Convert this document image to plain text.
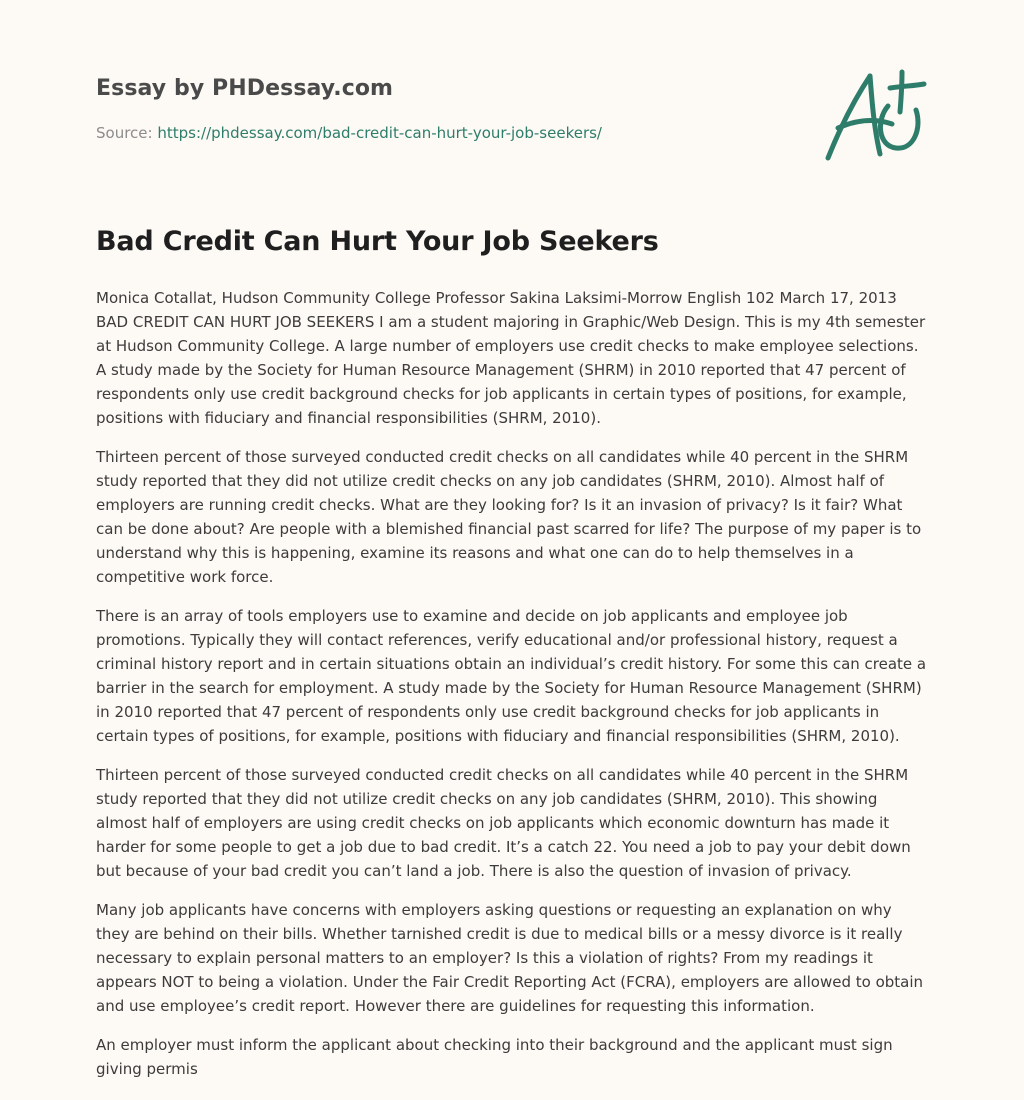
Essay by PHDessay.com

Source: https://phdessay.com/bad-credit-can-hurt-your-job-seekers/

Bad Credit Can Hurt Your Job Seekers

Monica Cotallat, Hudson Community College Professor Sakina Laksimi-Morrow English 102 March 17, 2013 BAD CREDIT CAN HURT JOB SEEKERS I am a student majoring in Graphic/Web Design. This is my 4th semester at Hudson Community College. A large number of employers use credit checks to make employee selections. A study made by the Society for Human Resource Management (SHRM) in 2010 reported that 47 percent of respondents only use credit background checks for job applicants in certain types of positions, for example, positions with fiduciary and financial responsibilities (SHRM, 2010).

Thirteen percent of those surveyed conducted credit checks on all candidates while 40 percent in the SHRM study reported that they did not utilize credit checks on any job candidates (SHRM, 2010). Almost half of employers are running credit checks. What are they looking for? Is it an invasion of privacy? Is it fair? What can be done about? Are people with a blemished financial past scarred for life? The purpose of my paper is to understand why this is happening, examine its reasons and what one can do to help themselves in a competitive work force.

There is an array of tools employers use to examine and decide on job applicants and employee job promotions. Typically they will contact references, verify educational and/or professional history, request a criminal history report and in certain situations obtain an individual’s credit history. For some this can create a barrier in the search for employment. A study made by the Society for Human Resource Management (SHRM) in 2010 reported that 47 percent of respondents only use credit background checks for job applicants in certain types of positions, for example, positions with fiduciary and financial responsibilities (SHRM, 2010).

Thirteen percent of those surveyed conducted credit checks on all candidates while 40 percent in the SHRM study reported that they did not utilize credit checks on any job candidates (SHRM, 2010). This showing almost half of employers are using credit checks on job applicants which economic downturn has made it harder for some people to get a job due to bad credit. It’s a catch 22. You need a job to pay your debit down but because of your bad credit you can’t land a job. There is also the question of invasion of privacy.

Many job applicants have concerns with employers asking questions or requesting an explanation on why they are behind on their bills. Whether tarnished credit is due to medical bills or a messy divorce is it really necessary to explain personal matters to an employer? Is this a violation of rights? From my readings it appears NOT to being a violation. Under the Fair Credit Reporting Act (FCRA), employers are allowed to obtain and use employee’s credit report. However there are guidelines for requesting this information.

An employer must inform the applicant about checking into their background and the applicant must sign giving permis
